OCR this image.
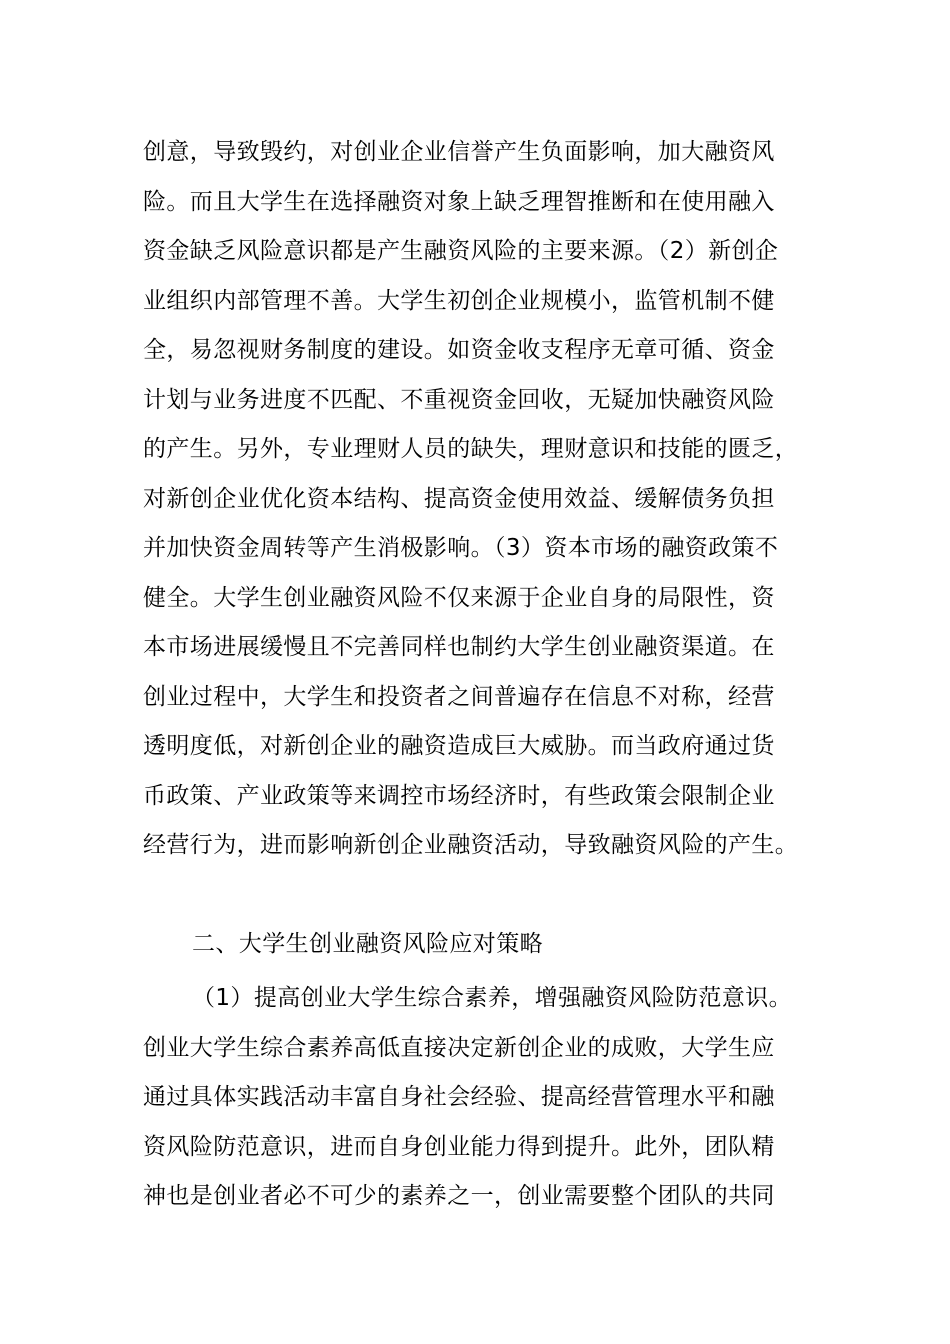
创意，导致毁约，对创业企业信誉产生负面影响，加大融资风
险。而且大学生在选择融资对象上缺乏理智推断和在使用融入
资金缺乏风险意识都是产生融资风险的主要来源。（2）新创企
业组织内部管理不善。大学生初创企业规模小，监管机制不健
全，易忽视财务制度的建设。如资金收支程序无章可循、资金
计划与业务进度不匹配、不重视资金回收，无疑加快融资风险
的产生。另外，专业理财人员的缺失，理财意识和技能的匮乏，
对新创企业优化资本结构、提高资金使用效益、缓解债务负担
并加快资金周转等产生消极影响。（3）资本市场的融资政策不
健全。大学生创业融资风险不仅来源于企业自身的局限性，资
本市场进展缓慢且不完善同样也制约大学生创业融资渠道。在
创业过程中，大学生和投资者之间普遍存在信息不对称，经营
透明度低，对新创企业的融资造成巨大威胁。而当政府通过货
币政策、产业政策等来调控市场经济时，有些政策会限制企业
经营行为，进而影响新创企业融资活动，导致融资风险的产生。
二、大学生创业融资风险应对策略
（1）提高创业大学生综合素养，增强融资风险防范意识。
创业大学生综合素养高低直接决定新创企业的成败，大学生应
通过具体实践活动丰富自身社会经验、提高经营管理水平和融
资风险防范意识，进而自身创业能力得到提升。此外，团队精
神也是创业者必不可少的素养之一，创业需要整个团队的共同
